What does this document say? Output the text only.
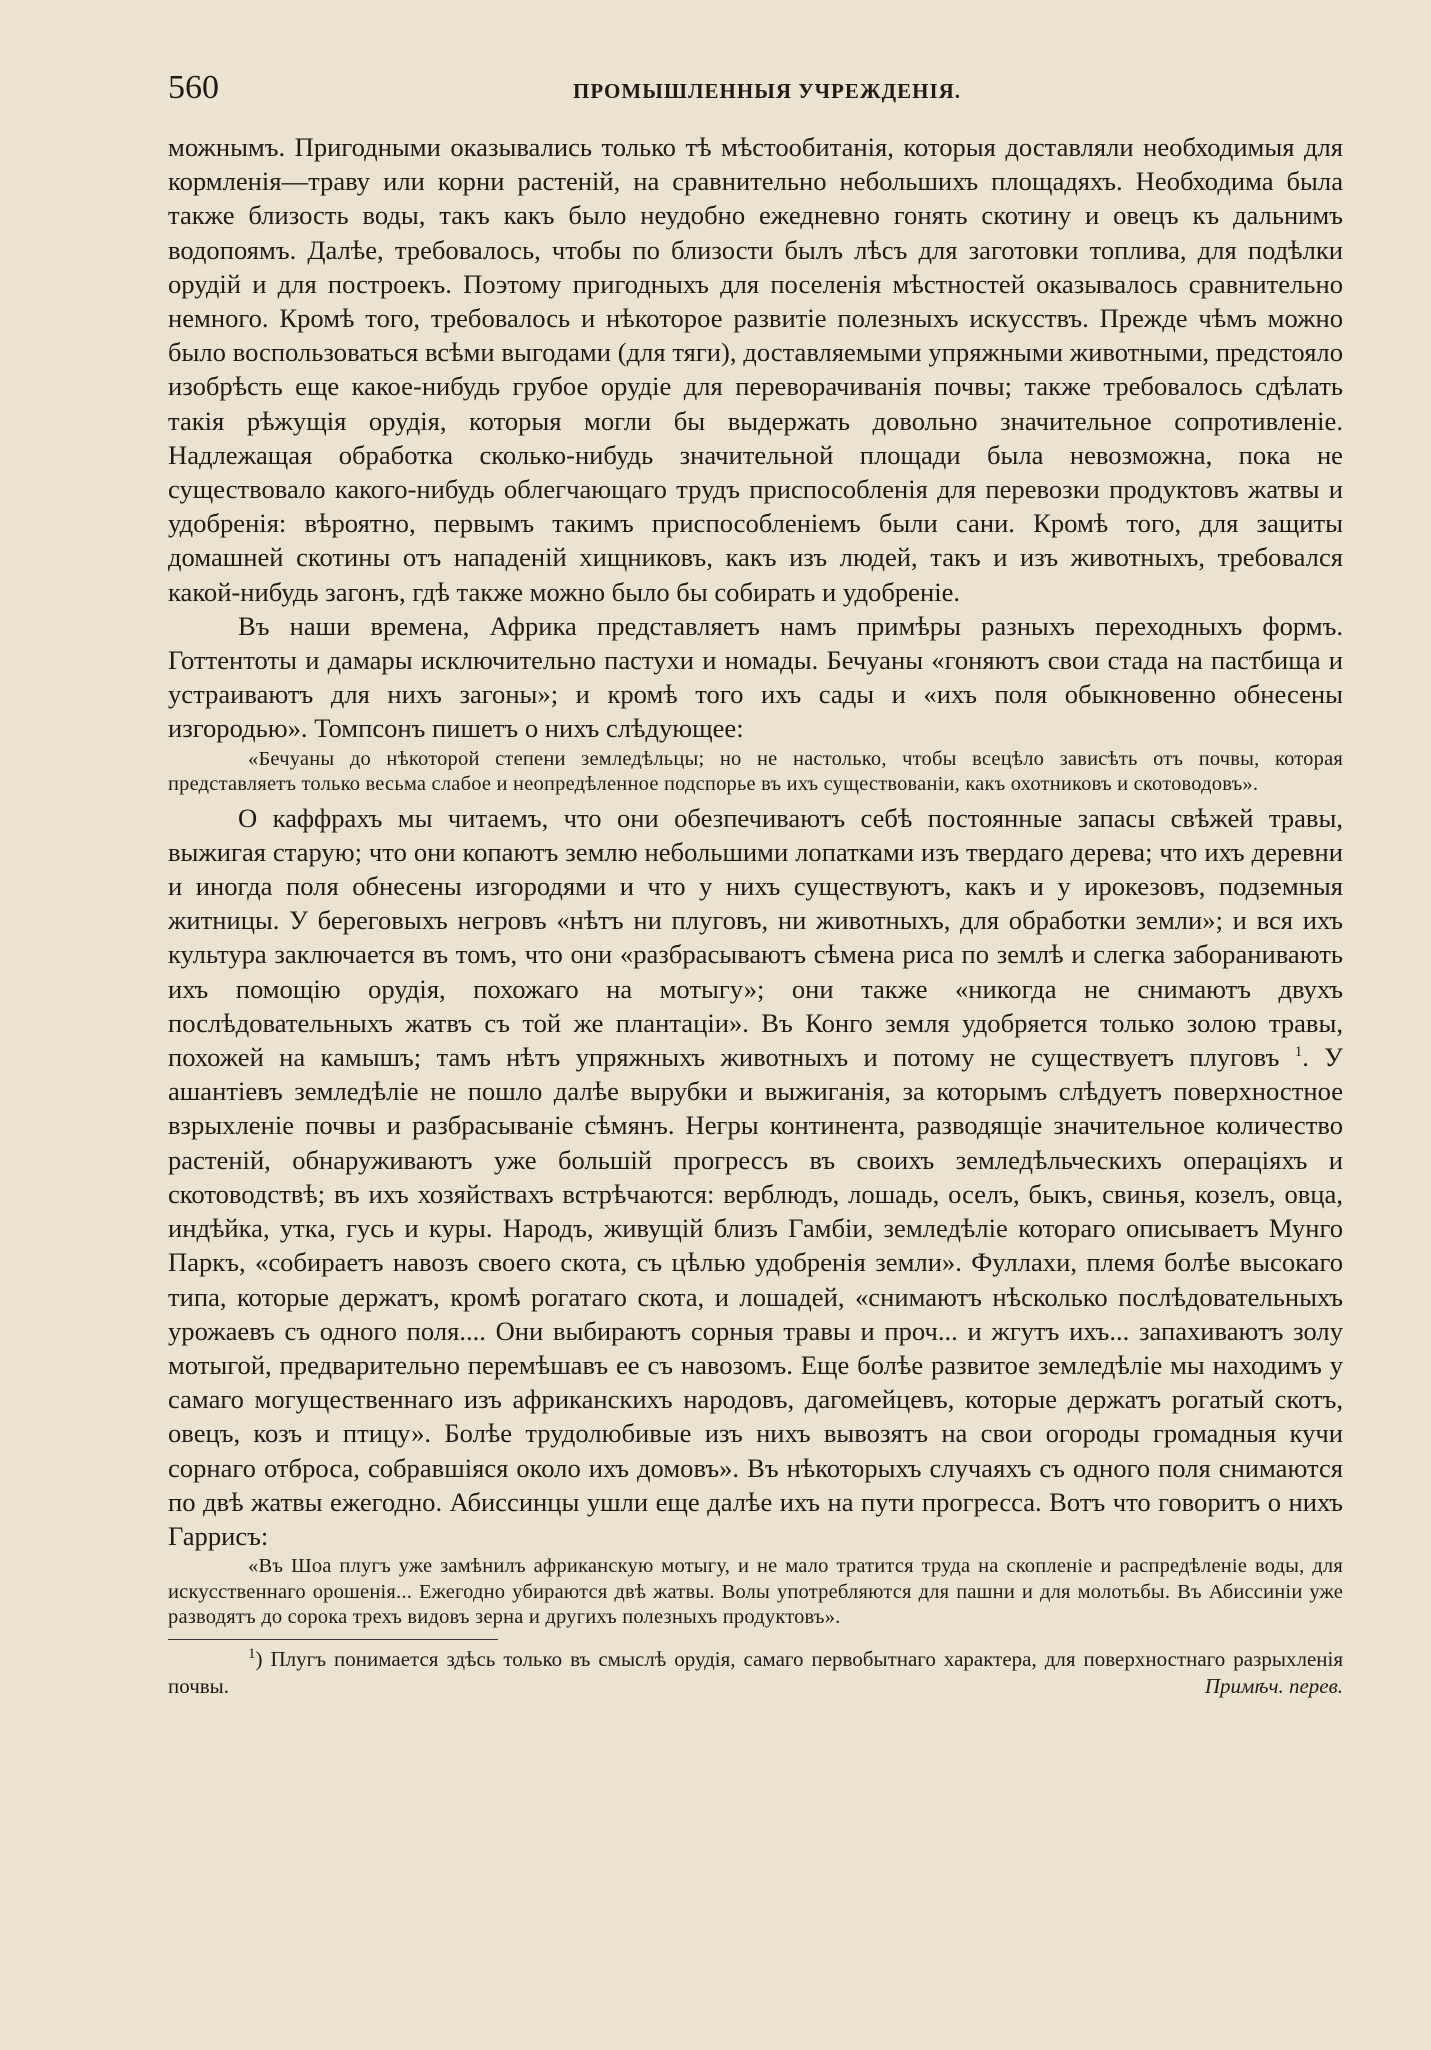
560	ПРОМЫШЛЕННЫЯ УЧРЕЖДЕНІЯ.

можнымъ. Пригодными оказывались только тѣ мѣстообитанія, которыя доставляли необходимыя для кормленія—траву или корни растеній, на сравнительно небольшихъ площадяхъ. Необходима была также близость воды, такъ какъ было неудобно ежедневно гонять скотину и овецъ къ дальнимъ водопоямъ. Далѣе, требовалось, чтобы по близости былъ лѣсъ для заготовки топлива, для подѣлки орудій и для построекъ. Поэтому пригодныхъ для поселенія мѣстностей оказывалось сравнительно немного. Кромѣ того, требовалось и нѣкоторое развитіе полезныхъ искусствъ. Прежде чѣмъ можно было воспользоваться всѣми выгодами (для тяги), доставляемыми упряжными животными, предстояло изобрѣсть еще какое-нибудь грубое орудіе для переворачиванія почвы; также требовалось сдѣлать такія рѣжущія орудія, которыя могли бы выдержать довольно значительное сопротивленіе. Надлежащая обработка сколько-нибудь значительной площади была невозможна, пока не существовало какого-нибудь облегчающаго трудъ приспособленія для перевозки продуктовъ жатвы и удобренія: вѣроятно, первымъ такимъ приспособленіемъ были сани. Кромѣ того, для защиты домашней скотины отъ нападеній хищниковъ, какъ изъ людей, такъ и изъ животныхъ, требовался какой-нибудь загонъ, гдѣ также можно было бы собирать и удобреніе.

Въ наши времена, Африка представляетъ намъ примѣры разныхъ переходныхъ формъ. Готтентоты и дамары исключительно пастухи и номады. Бечуаны «гоняютъ свои стада на пастбища и устраиваютъ для нихъ загоны»; и кромѣ того ихъ сады и «ихъ поля обыкновенно обнесены изгородью». Томпсонъ пишетъ о нихъ слѣдующее:

«Бечуаны до нѣкоторой степени земледѣльцы; но не настолько, чтобы всецѣло зависѣть отъ почвы, которая представляетъ только весьма слабое и неопредѣленное подспорье въ ихъ существованіи, какъ охотниковъ и скотоводовъ».

О каффрахъ мы читаемъ, что они обезпечиваютъ себѣ постоянные запасы свѣжей травы, выжигая старую; что они копаютъ землю небольшими лопатками изъ твердаго дерева; что ихъ деревни и иногда поля обнесены изгородями и что у нихъ существуютъ, какъ и у ирокезовъ, подземныя житницы. У береговыхъ негровъ «нѣтъ ни плуговъ, ни животныхъ, для обработки земли»; и вся ихъ культура заключается въ томъ, что они «разбрасываютъ сѣмена риса по землѣ и слегка заборанивають ихъ помощію орудія, похожаго на мотыгу»; они также «никогда не снимаютъ двухъ послѣдовательныхъ жатвъ съ той же плантаціи». Въ Конго земля удобряется только золою травы, похожей на камышъ; тамъ нѣтъ упряжныхъ животныхъ и потому не существуетъ плуговъ $^1$. У ашантіевъ земледѣліе не пошло далѣе вырубки и выжиганія, за которымъ слѣдуетъ поверхностное взрыхленіе почвы и разбрасываніе сѣмянъ. Негры континента, разводящіе значительное количество растеній, обнаруживаютъ уже большій прогрессъ въ своихъ земледѣльческихъ операціяхъ и скотоводствѣ; въ ихъ хозяйствахъ встрѣчаются: верблюдъ, лошадь, оселъ, быкъ, свинья, козелъ, овца, индѣйка, утка, гусь и куры. Народъ, живущій близъ Гамбіи, земледѣліе котораго описываетъ Мунго Паркъ, «собираетъ навозъ своего скота, съ цѣлью удобренія земли». Фуллахи, племя болѣе высокаго типа, которые держатъ, кромѣ рогатаго скота, и лошадей, «снимаютъ нѣсколько послѣдовательныхъ урожаевъ съ одного поля.... Они выбираютъ сорныя травы и проч... и жгутъ ихъ... запахиваютъ золу мотыгой, предварительно перемѣшавъ ее съ навозомъ. Еще болѣе развитое земледѣліе мы находимъ у самаго могущественнаго изъ африканскихъ народовъ, дагомейцевъ, которые держатъ рогатый скотъ, овецъ, козъ и птицу». Болѣе трудолюбивые изъ нихъ вывозятъ на свои огороды громадныя кучи сорнаго отброса, собравшіяся около ихъ домовъ». Въ нѣкоторыхъ случаяхъ съ одного поля снимаются по двѣ жатвы ежегодно. Абиссинцы ушли еще далѣе ихъ на пути прогресса. Вотъ что говоритъ о нихъ Гаррисъ:

«Въ Шоа плугъ уже замѣнилъ африканскую мотыгу, и не мало тратится труда на скопленіе и распредѣленіе воды, для искусственнаго орошенія... Ежегодно убираются двѣ жатвы. Волы употребляются для пашни и для молотьбы. Въ Абиссиніи уже разводятъ до сорока трехъ видовъ зерна и другихъ полезныхъ продуктовъ».

$^1$) Плугъ понимается здѣсь только въ смыслѣ орудія, самаго первобытнаго характера, для поверхностнаго разрыхленія почвы.	Примѣч. перев.
